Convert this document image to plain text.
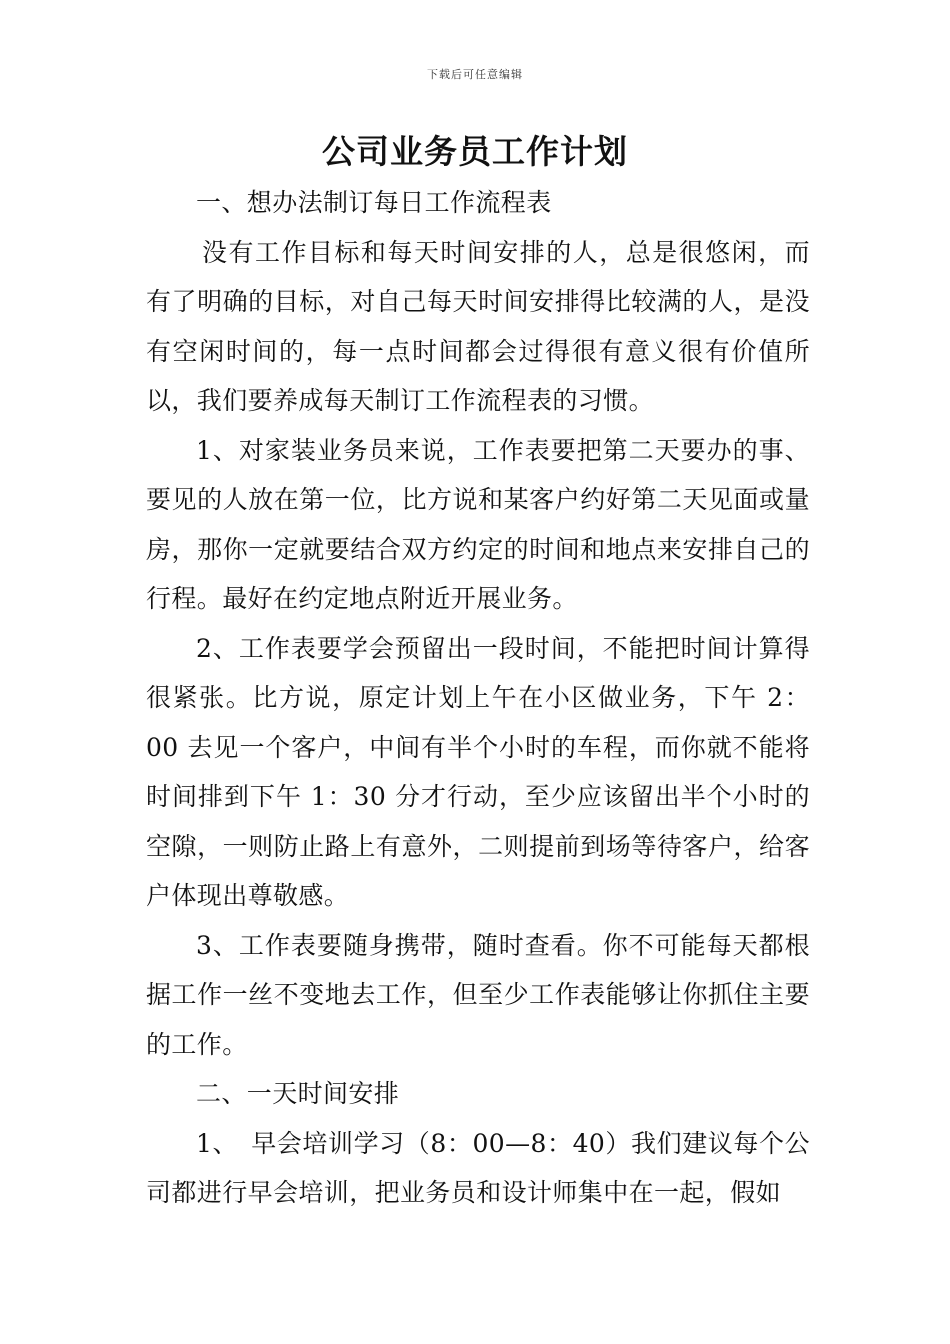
下载后可任意编辑
公司业务员工作计划

一、想办法制订每日工作流程表

没有工作目标和每天时间安排的人，总是很悠闲，而有了明确的目标，对自己每天时间安排得比较满的人，是没有空闲时间的，每一点时间都会过得很有意义很有价值所以，我们要养成每天制订工作流程表的习惯。

1、对家装业务员来说，工作表要把第二天要办的事、要见的人放在第一位，比方说和某客户约好第二天见面或量房，那你一定就要结合双方约定的时间和地点来安排自己的行程。最好在约定地点附近开展业务。

2、工作表要学会预留出一段时间，不能把时间计算得很紧张。比方说，原定计划上午在小区做业务，下午 2：00 去见一个客户，中间有半个小时的车程，而你就不能将时间排到下午 1：30 分才行动，至少应该留出半个小时的空隙，一则防止路上有意外，二则提前到场等待客户，给客户体现出尊敬感。

3、工作表要随身携带，随时查看。你不可能每天都根据工作一丝不变地去工作，但至少工作表能够让你抓住主要的工作。

二、一天时间安排

1、　早会培训学习（8：00—8：40）我们建议每个公司都进行早会培训，把业务员和设计师集中在一起，假如
